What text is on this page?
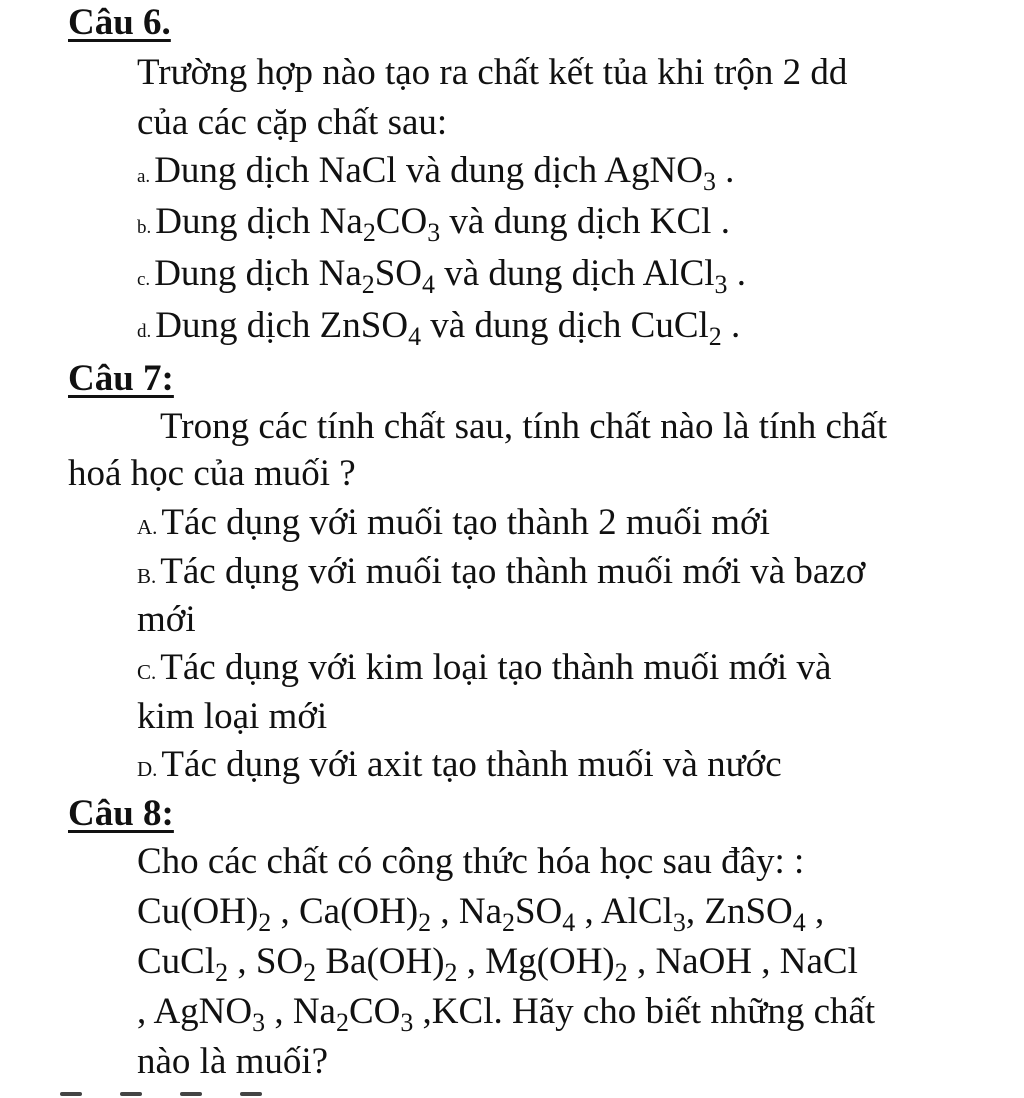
Câu 6.
Trường hợp nào tạo ra chất kết tủa khi trộn 2 dd
của các cặp chất sau:
a. Dung dịch NaCl và dung dịch AgNO$_3$ .
b. Dung dịch $Na_2CO_3$ và dung dịch KCl .
c. Dung dịch $Na_2SO_4$ và dung dịch AlCl$_3$ .
d. Dung dịch ZnSO$_4$ và dung dịch CuCl$_2$ .
Câu 7:
Trong các tính chất sau, tính chất nào là tính chất
hoá học của muối ?
A. Tác dụng với muối tạo thành 2 muối mới
B. Tác dụng với muối tạo thành muối mới và bazơ
mới
C. Tác dụng với kim loại tạo thành muối mới và
kim loại mới
D. Tác dụng với axit tạo thành muối và nước
Câu 8:
Cho các chất có công thức hóa học sau đây: :
$Cu(OH)_2$ , $Ca(OH)_2$ , $Na_2SO_4$ , AlCl$_3$, ZnSO$_4$ ,
CuCl$_2$ , $SO_2$ $Ba(OH)_2$ , $Mg(OH)_2$ , NaOH , NaCl
, AgNO$_3$ , $Na_2CO_3$ ,KCl. Hãy cho biết những chất
nào là muối?
